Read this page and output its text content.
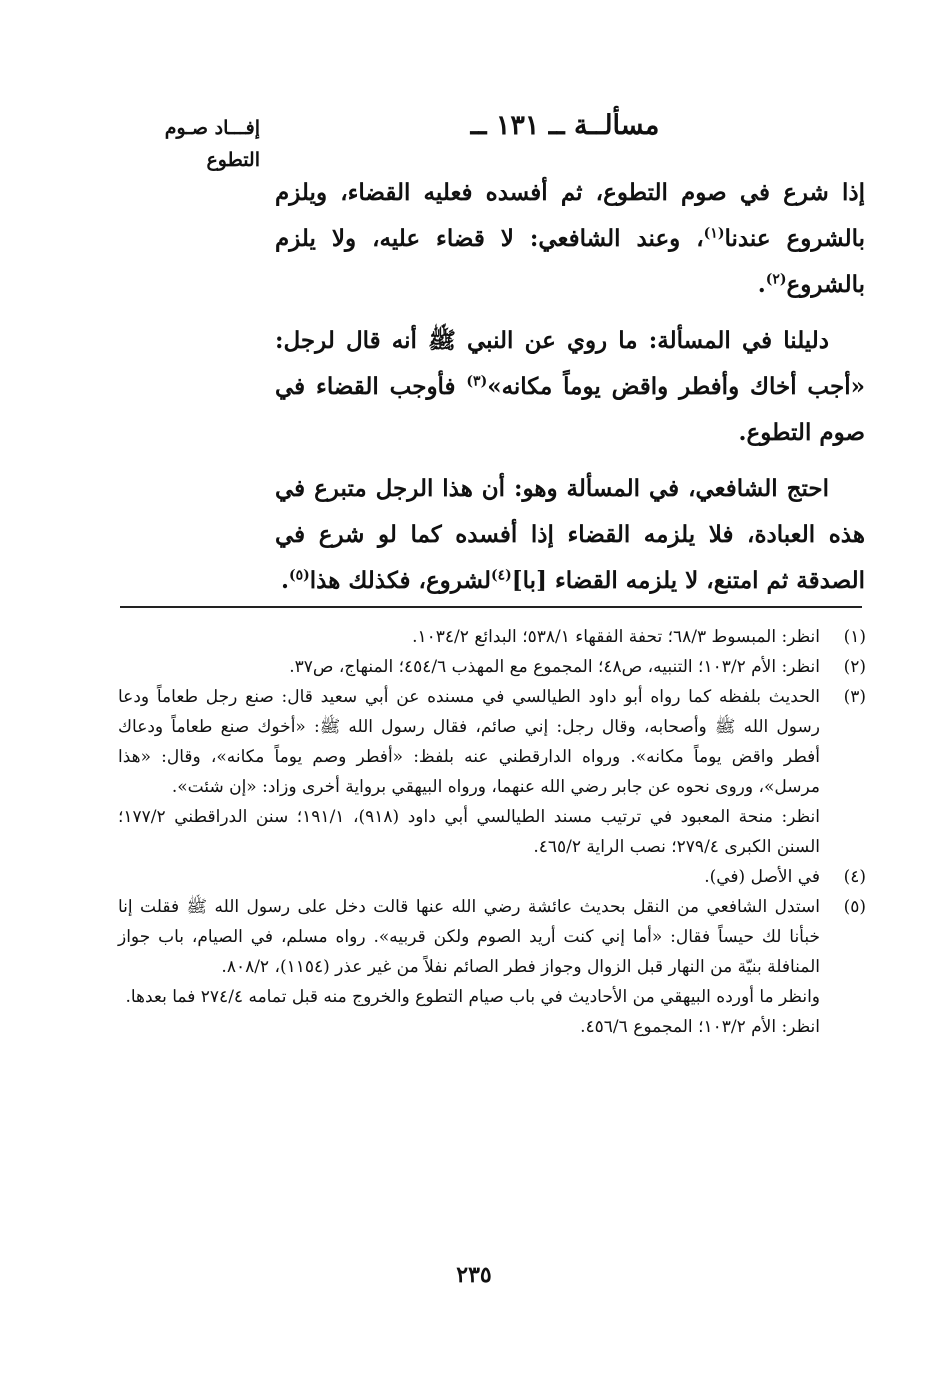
إفـــاد صـوم
التطوع
مسألــة ــ ١٣١ ــ

إذا شرع في صوم التطوع، ثم أفسده فعليه القضاء، ويلزم بالشروع عندنا$^{(١)}$، وعند الشافعي: لا قضاء عليه، ولا يلزم بالشروع$^{(٢)}$.

دليلنا في المسألة: ما روي عن النبي ﷺ أنه قال لرجل: «أجب أخاك وأفطر واقض يوماً مكانه»$^{(٣)}$ فأوجب القضاء في صوم التطوع.

احتج الشافعي، في المسألة وهو: أن هذا الرجل متبرع في هذه العبادة، فلا يلزمه القضاء إذا أفسده كما لو شرع في الصدقة ثم امتنع، لا يلزمه القضاء [با]$^{(٤)}$لشروع، فكذلك هذا$^{(٥)}$.

(١)

انظر: المبسوط ٦٨/٣؛ تحفة الفقهاء ٥٣٨/١؛ البدائع ١٠٣٤/٢.

(٢)

انظر: الأم ١٠٣/٢؛ التنبيه، ص٤٨؛ المجموع مع المهذب ٤٥٤/٦؛ المنهاج، ص٣٧.

(٣)

الحديث بلفظه كما رواه أبو داود الطيالسي في مسنده عن أبي سعيد قال: صنع رجل طعاماً ودعا رسول الله ﷺ وأصحابه، وقال رجل: إني صائم، فقال رسول الله ﷺ: «أخوك صنع طعاماً ودعاك أفطر واقض يوماً مكانه». ورواه الدارقطني عنه بلفظ: «أفطر وصم يوماً مكانه»، وقال: «هذا مرسل»، وروى نحوه عن جابر رضي الله عنهما، ورواه البيهقي برواية أخرى وزاد: «إن شئت».

انظر: منحة المعبود في ترتيب مسند الطيالسي أبي داود (٩١٨)، ١٩١/١؛ سنن الدراقطني ١٧٧/٢؛ السنن الكبرى ٢٧٩/٤؛ نصب الراية ٤٦٥/٢.

(٤)

في الأصل (في).

(٥)

استدل الشافعي من النقل بحديث عائشة رضي الله عنها قالت دخل على رسول الله ﷺ فقلت إنا خبأنا لك حيساً فقال: «أما إني كنت أريد الصوم ولكن قربيه». رواه مسلم، في الصيام، باب جواز المنافلة بنيّة من النهار قبل الزوال وجواز فطر الصائم نفلاً من غير عذر (١١٥٤)، ٨٠٨/٢.

وانظر ما أورده البيهقي من الأحاديث في باب صيام التطوع والخروج منه قبل تمامه ٢٧٤/٤ فما بعدها.

انظر: الأم ١٠٣/٢؛ المجموع ٤٥٦/٦.

٢٣٥
